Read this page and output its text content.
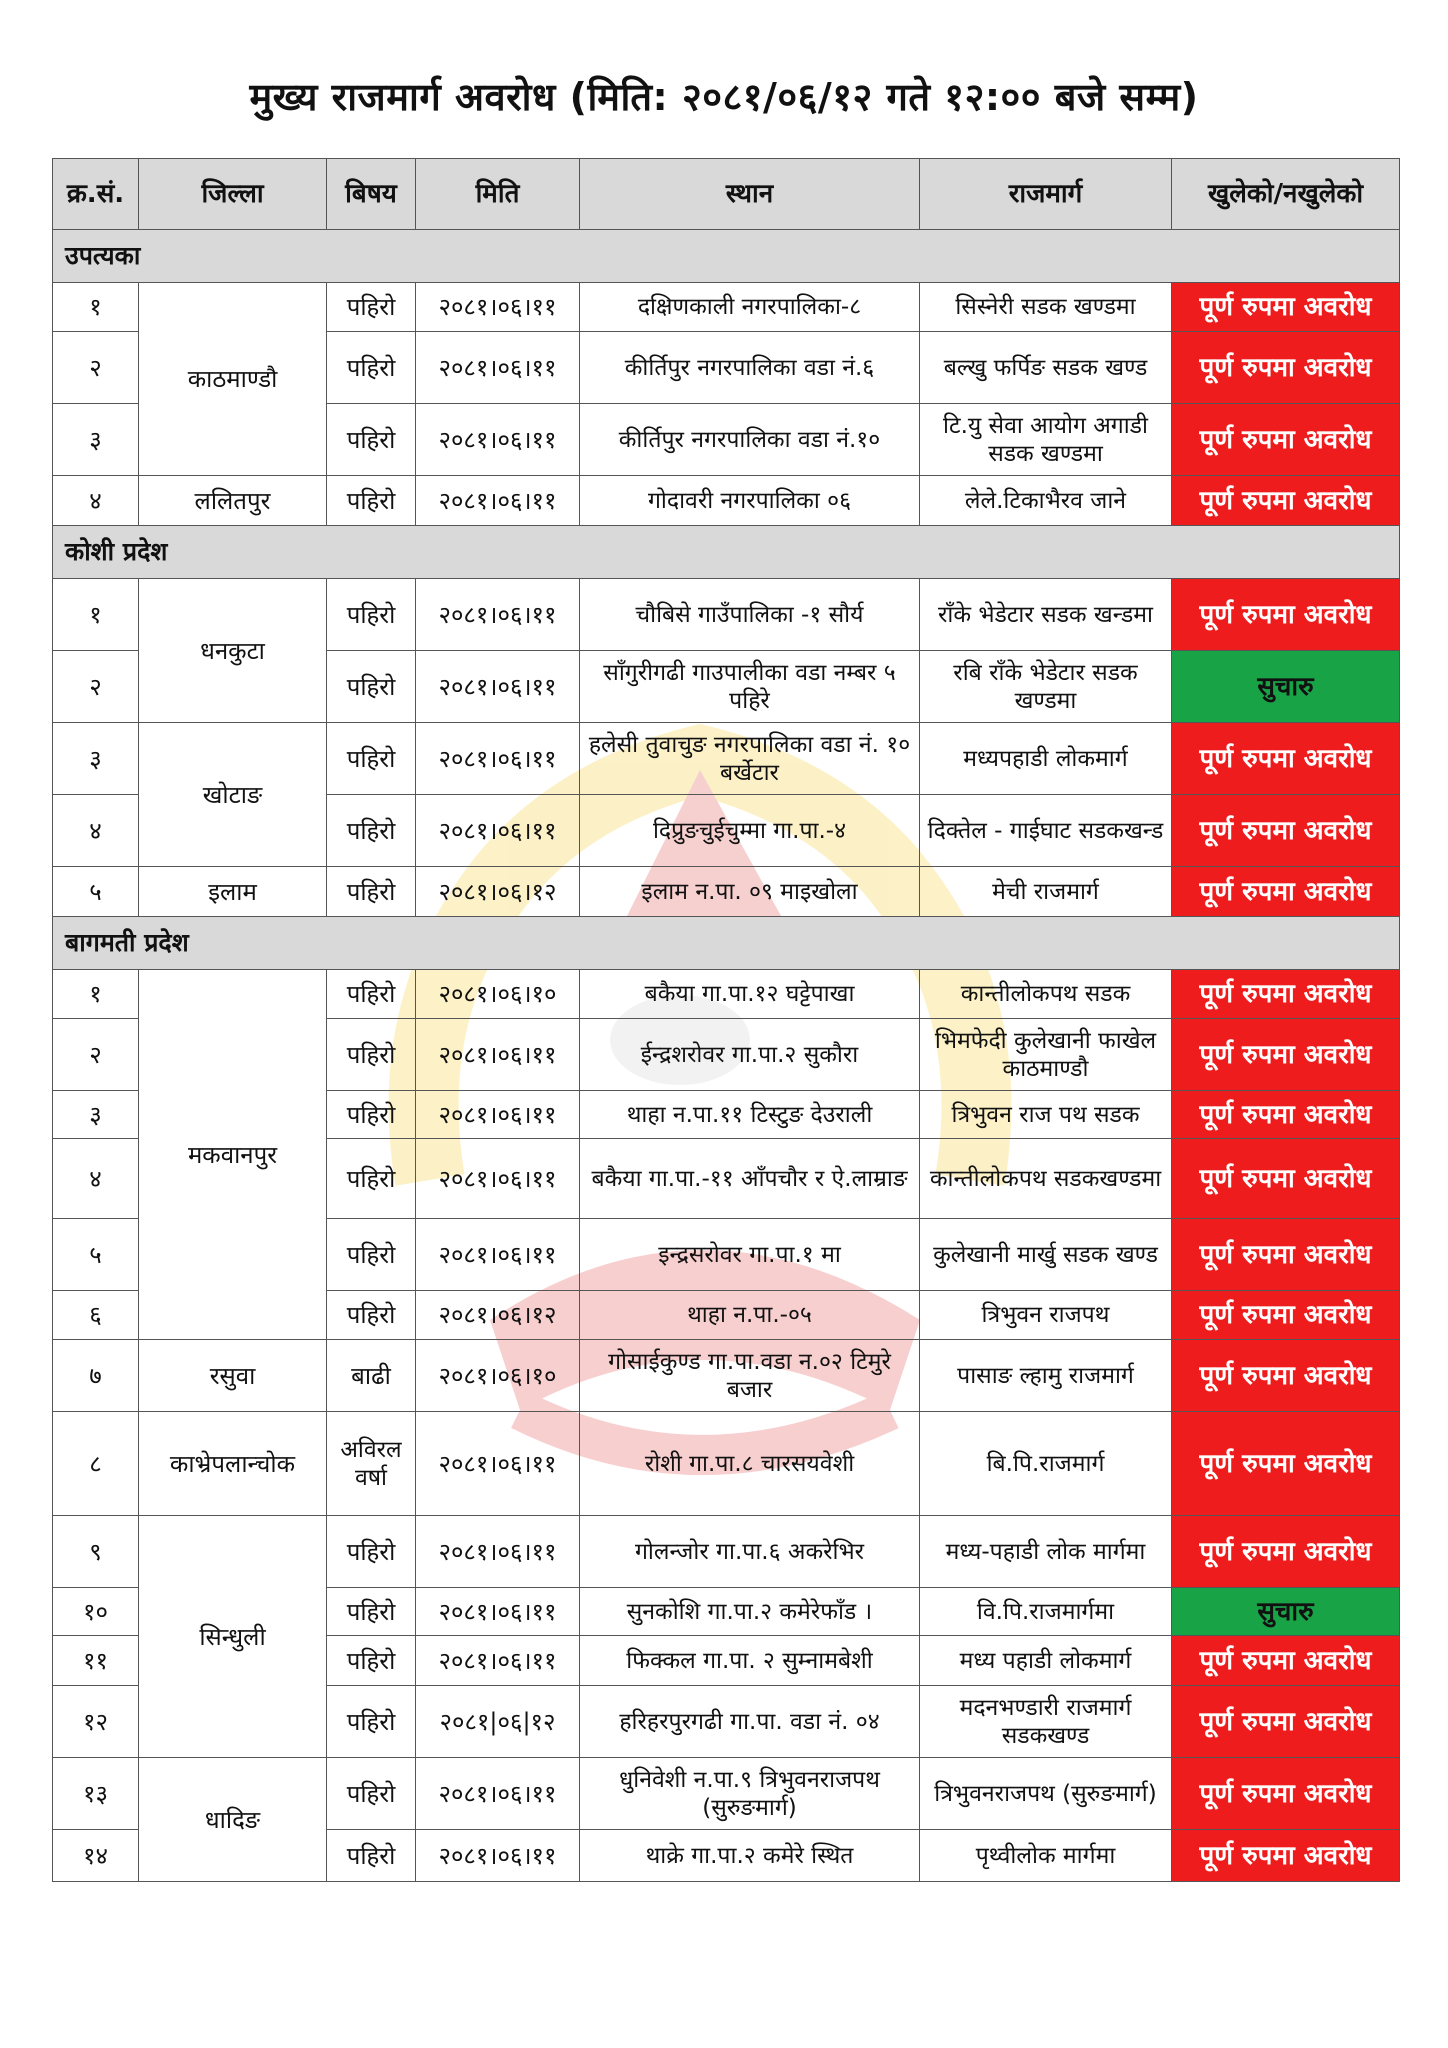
मुख्य राजमार्ग अवरोध (मिति: २०८१/०६/१२ गते १२:०० बजे सम्म)
क्र.सं.	जिल्ला	बिषय	मिति	स्थान	राजमार्ग	खुलेको/नखुलेको
उपत्यका						
१	काठमाण्डौ	पहिरो	२०८१।०६।११	दक्षिणकाली नगरपालिका-८	सिस्नेरी सडक खण्डमा	पूर्ण रुपमा अवरोध
२		पहिरो	२०८१।०६।११	कीर्तिपुर नगरपालिका वडा नं.६	बल्खु फर्पिङ सडक खण्ड	पूर्ण रुपमा अवरोध
३		पहिरो	२०८१।०६।११	कीर्तिपुर नगरपालिका वडा नं.१०	टि.यु सेवा आयोग अगाडी सडक खण्डमा	पूर्ण रुपमा अवरोध
४	ललितपुर	पहिरो	२०८१।०६।११	गोदावरी नगरपालिका ०६	लेले.टिकाभैरव जाने	पूर्ण रुपमा अवरोध
कोशी प्रदेश						
१	धनकुटा	पहिरो	२०८१।०६।११	चौबिसे गाउँपालिका -१ सौर्य	राँके भेडेटार सडक खन्डमा	पूर्ण रुपमा अवरोध
२		पहिरो	२०८१।०६।११	साँगुरीगढी गाउपालीका वडा नम्बर ५ पहिरे	रबि राँके भेडेटार सडक खण्डमा	सुचारु
३	खोटाङ	पहिरो	२०८१।०६।११	हलेसी तुवाचुङ नगरपालिका वडा नं. १० बर्खेटार	मध्यपहाडी लोकमार्ग	पूर्ण रुपमा अवरोध
४		पहिरो	२०८१।०६।११	दिप्रुङचुईचुम्मा गा.पा.-४	दिक्तेल - गाईघाट सडकखन्ड	पूर्ण रुपमा अवरोध
५	इलाम	पहिरो	२०८१।०६।१२	इलाम न.पा. ०९ माइखोला	मेची राजमार्ग	पूर्ण रुपमा अवरोध
बागमती प्रदेश						
१	मकवानपुर	पहिरो	२०८१।०६।१०	बकैया गा.पा.१२ घट्टेपाखा	कान्तीलोकपथ सडक	पूर्ण रुपमा अवरोध
२		पहिरो	२०८१।०६।११	ईन्द्रशरोवर गा.पा.२ सुकौरा	भिमफेदी कुलेखानी फाखेल काठमाण्डौ	पूर्ण रुपमा अवरोध
३		पहिरो	२०८१।०६।११	थाहा न.पा.११ टिस्टुङ देउराली	त्रिभुवन राज पथ सडक	पूर्ण रुपमा अवरोध
४		पहिरो	२०८१।०६।११	बकैया गा.पा.-११ आँपचौर र ऐ.लाम्राङ	कान्तीलोकपथ सडकखण्डमा	पूर्ण रुपमा अवरोध
५		पहिरो	२०८१।०६।११	इन्द्रसरोवर गा.पा.१ मा	कुलेखानी मार्खु सडक खण्ड	पूर्ण रुपमा अवरोध
६		पहिरो	२०८१।०६।१२	थाहा न.पा.-०५	त्रिभुवन राजपथ	पूर्ण रुपमा अवरोध
७	रसुवा	बाढी	२०८१।०६।१०	गोसाईकुण्ड गा.पा.वडा न.०२ टिमुरे बजार	पासाङ ल्हामु राजमार्ग	पूर्ण रुपमा अवरोध
८	काभ्रेपलान्चोक	अविरल वर्षा	२०८१।०६।११	रोशी गा.पा.८ चारसयवेशी	बि.पि.राजमार्ग	पूर्ण रुपमा अवरोध
९	सिन्धुली	पहिरो	२०८१।०६।११	गोलन्जोर गा.पा.६ अकरेभिर	मध्य-पहाडी लोक मार्गमा	पूर्ण रुपमा अवरोध
१०		पहिरो	२०८१।०६।११	सुनकोशि गा.पा.२ कमेरेफाँड ।	वि.पि.राजमार्गमा	सुचारु
११		पहिरो	२०८१।०६।११	फिक्कल गा.पा. २ सुम्नामबेशी	मध्य पहाडी लोकमार्ग	पूर्ण रुपमा अवरोध
१२		पहिरो	२०८१|०६|१२	हरिहरपुरगढी गा.पा. वडा नं. ०४	मदनभण्डारी राजमार्ग सडकखण्ड	पूर्ण रुपमा अवरोध
१३	धादिङ	पहिरो	२०८१।०६।११	धुनिवेशी न.पा.९ त्रिभुवनराजपथ (सुरुङमार्ग)	त्रिभुवनराजपथ (सुरुङमार्ग)	पूर्ण रुपमा अवरोध
१४		पहिरो	२०८१।०६।११	थाक्रे गा.पा.२ कमेरे स्थित	पृथ्वीलोक मार्गमा	पूर्ण रुपमा अवरोध
